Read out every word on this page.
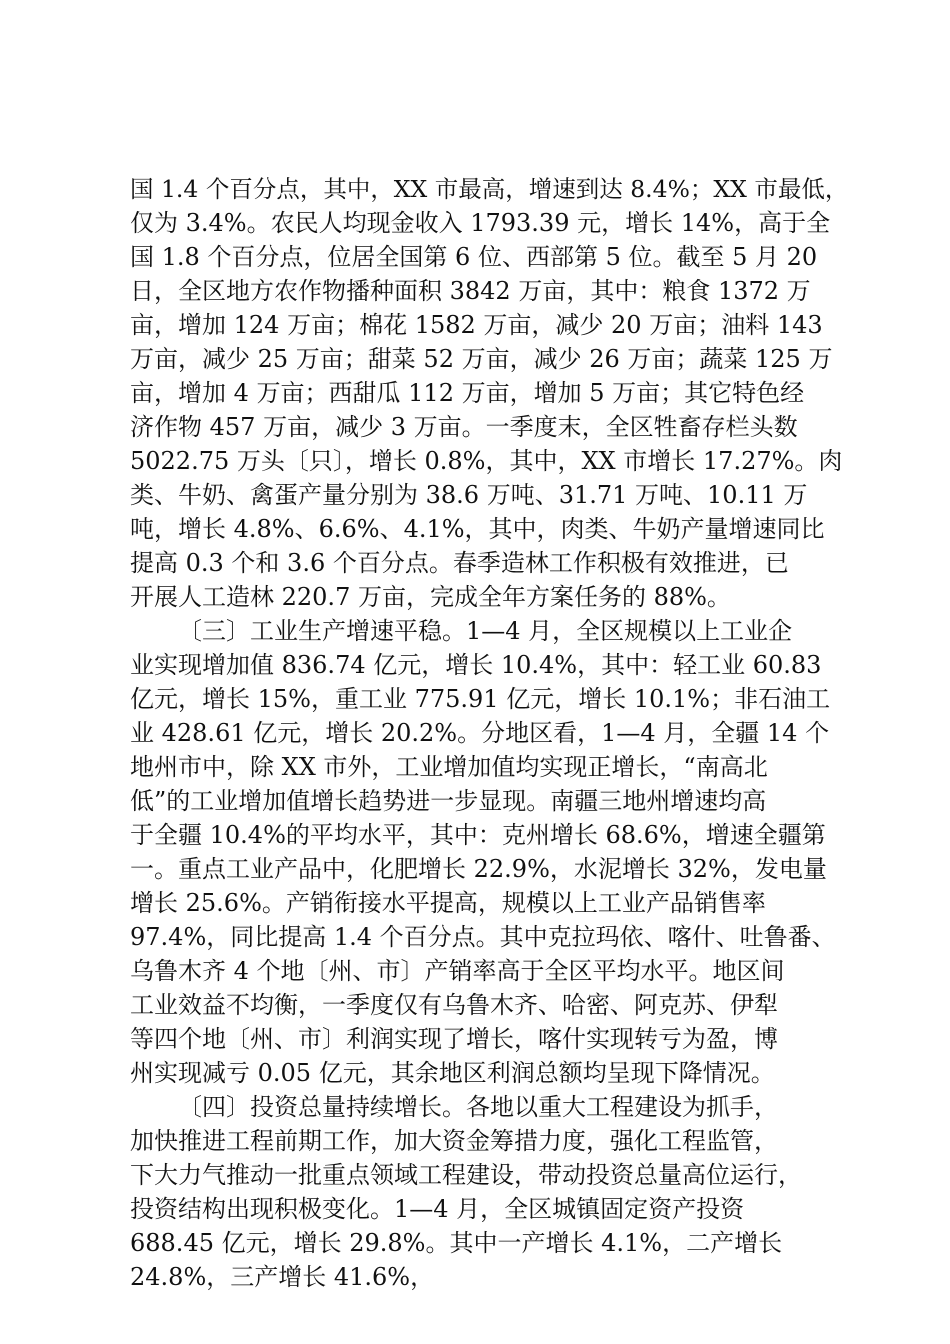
国 1.4 个百分点，其中，XX 市最高，增速到达 8.4%；XX 市最低，
仅为 3.4%。农民人均现金收入 1793.39 元，增长 14%，高于全
国 1.8 个百分点，位居全国第 6 位、西部第 5 位。截至 5 月 20
日，全区地方农作物播种面积 3842 万亩，其中：粮食 1372 万
亩，增加 124 万亩；棉花 1582 万亩，减少 20 万亩；油料 143
万亩，减少 25 万亩；甜菜 52 万亩，减少 26 万亩；蔬菜 125 万
亩，增加 4 万亩；西甜瓜 112 万亩，增加 5 万亩；其它特色经
济作物 457 万亩，减少 3 万亩。一季度末，全区牲畜存栏头数
5022.75 万头〔只〕，增长 0.8%，其中，XX 市增长 17.27%。肉
类、牛奶、禽蛋产量分别为 38.6 万吨、31.71 万吨、10.11 万
吨，增长 4.8%、6.6%、4.1%，其中，肉类、牛奶产量增速同比
提高 0.3 个和 3.6 个百分点。春季造林工作积极有效推进，已
开展人工造林 220.7 万亩，完成全年方案任务的 88%。
〔三〕工业生产增速平稳。1—4 月，全区规模以上工业企
业实现增加值 836.74 亿元，增长 10.4%，其中：轻工业 60.83
亿元，增长 15%，重工业 775.91 亿元，增长 10.1%；非石油工
业 428.61 亿元，增长 20.2%。分地区看，1—4 月，全疆 14 个
地州市中，除 XX 市外，工业增加值均实现正增长，“南高北
低”的工业增加值增长趋势进一步显现。南疆三地州增速均高
于全疆 10.4%的平均水平，其中：克州增长 68.6%，增速全疆第
一。重点工业产品中，化肥增长 22.9%，水泥增长 32%，发电量
增长 25.6%。产销衔接水平提高，规模以上工业产品销售率
97.4%，同比提高 1.4 个百分点。其中克拉玛依、喀什、吐鲁番、
乌鲁木齐 4 个地〔州、市〕产销率高于全区平均水平。地区间
工业效益不均衡，一季度仅有乌鲁木齐、哈密、阿克苏、伊犁
等四个地〔州、市〕利润实现了增长，喀什实现转亏为盈，博
州实现减亏 0.05 亿元，其余地区利润总额均呈现下降情况。
〔四〕投资总量持续增长。各地以重大工程建设为抓手，
加快推进工程前期工作，加大资金筹措力度，强化工程监管，
下大力气推动一批重点领域工程建设，带动投资总量高位运行，
投资结构出现积极变化。1—4 月，全区城镇固定资产投资
688.45 亿元，增长 29.8%。其中一产增长 4.1%，二产增长
24.8%，三产增长 41.6%，
